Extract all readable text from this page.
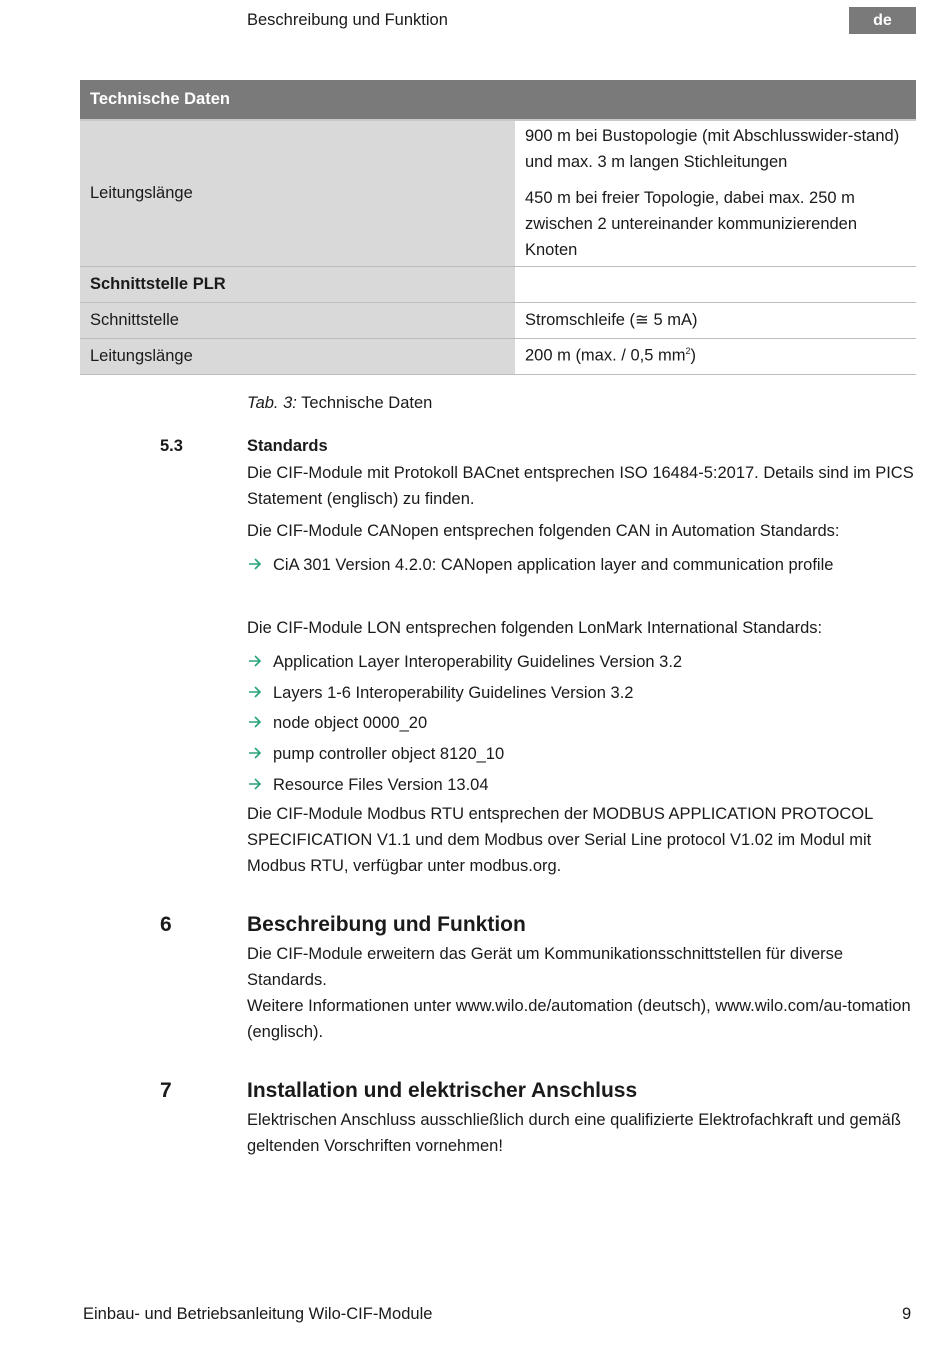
Beschreibung und Funktion	de
Technische Daten	
Leitungslänge	900 m bei Bustopologie (mit Abschlusswider-stand) und max. 3 m langen Stichleitungen

450 m bei freier Topologie, dabei max. 250 m zwischen 2 untereinander kommunizierenden Knoten

Schnittstelle PLR	
Schnittstelle	Stromschleife (≅ 5 mA)
Leitungslänge	200 m (max. / 0,5 $mm^2$)
Tab. 3: Technische Daten
5.3	Standards

Die CIF-Module mit Protokoll BACnet entsprechen ISO 16484-5:2017. Details sind im PICS Statement (englisch) zu finden.

Die CIF-Module CANopen entsprechen folgenden CAN in Automation Standards:

CiA 301 Version 4.2.0: CANopen application layer and communication profile

Die CIF-Module LON entsprechen folgenden LonMark International Standards:

Application Layer Interoperability Guidelines Version 3.2
Layers 1-6 Interoperability Guidelines Version 3.2
node object 0000_20
pump controller object 8120_10
Resource Files Version 13.04

Die CIF-Module Modbus RTU entsprechen der MODBUS APPLICATION PROTOCOL SPECIFICATION V1.1 und dem Modbus over Serial Line protocol V1.02 im Modul mit Modbus RTU, verfügbar unter modbus.org.

6	Beschreibung und Funktion

Die CIF-Module erweitern das Gerät um Kommunikationsschnittstellen für diverse Standards.

Weitere Informationen unter www.wilo.de/automation (deutsch), www.wilo.com/au-tomation (englisch).

7	Installation und elektrischer Anschluss

Elektrischen Anschluss ausschließlich durch eine qualifizierte Elektrofachkraft und gemäß geltenden Vorschriften vornehmen!

Einbau- und Betriebsanleitung Wilo-CIF-Module	9
